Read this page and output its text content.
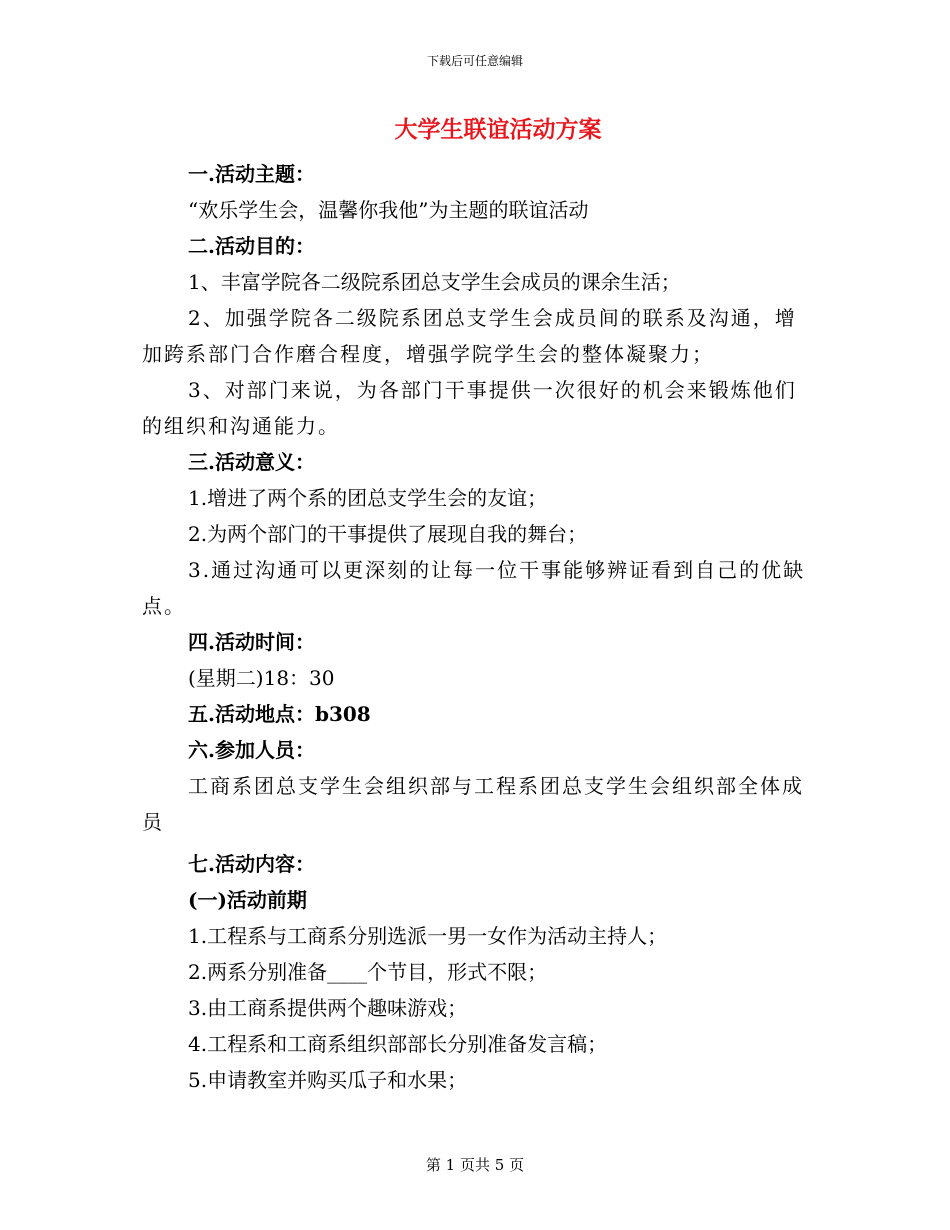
下载后可任意编辑
大学生联谊活动方案
一.活动主题：
“欢乐学生会，温馨你我他”为主题的联谊活动
二.活动目的：
1、丰富学院各二级院系团总支学生会成员的课余生活；

2、加强学院各二级院系团总支学生会成员间的联系及沟通，增加跨系部门合作磨合程度，增强学院学生会的整体凝聚力；

3、对部门来说，为各部门干事提供一次很好的机会来锻炼他们的组织和沟通能力。

三.活动意义：
1.增进了两个系的团总支学生会的友谊；
2.为两个部门的干事提供了展现自我的舞台；

3.通过沟通可以更深刻的让每一位干事能够辨证看到自己的优缺点。

四.活动时间：
(星期二)18：30
五.活动地点：b308
六.参加人员：

工商系团总支学生会组织部与工程系团总支学生会组织部全体成员

七.活动内容：
(一)活动前期
1.工程系与工商系分别选派一男一女作为活动主持人；
2.两系分别准备____个节目，形式不限；
3.由工商系提供两个趣味游戏；
4.工程系和工商系组织部部长分别准备发言稿；
5.申请教室并购买瓜子和水果；
第 1 页共 5 页
